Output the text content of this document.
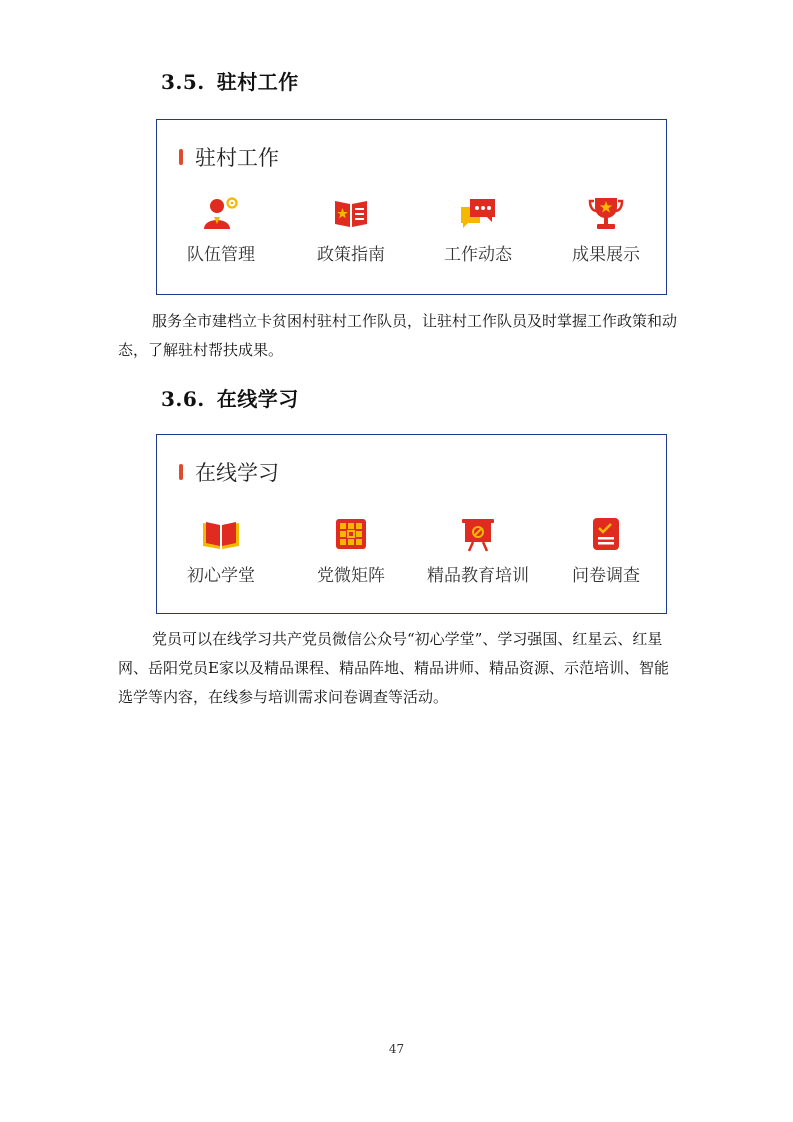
3.5. 驻村工作
驻村工作
队伍管理	政策指南	工作动态	成果展示

服务全市建档立卡贫困村驻村工作队员，让驻村工作队员及时掌握工作政策和动态，了解驻村帮扶成果。

3.6. 在线学习
在线学习
初心学堂	党微矩阵	精品教育培训	问卷调查

党员可以在线学习共产党员微信公众号“初心学堂”、学习强国、红星云、红星网、岳阳党员E家以及精品课程、精品阵地、精品讲师、精品资源、示范培训、智能选学等内容，在线参与培训需求问卷调查等活动。

47
